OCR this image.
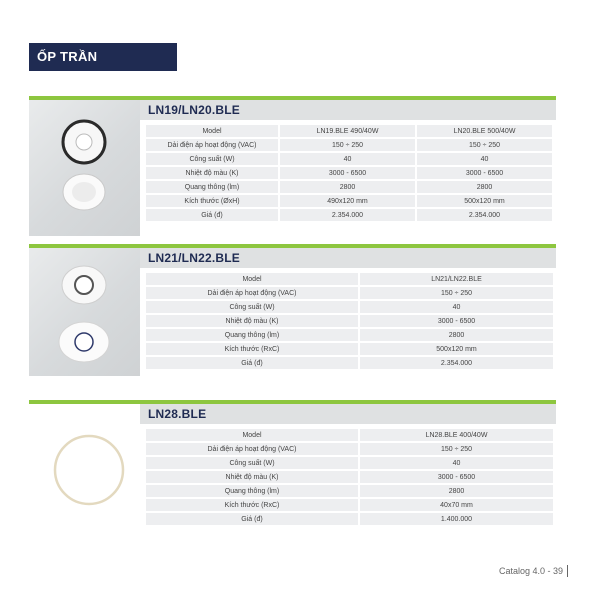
ỐP TRẦN
LN19/LN20.BLE
Model	LN19.BLE 490/40W	LN20.BLE 500/40W
Dải điện áp hoạt động (VAC)	150 ÷ 250	150 ÷ 250
Công suất (W)	40	40
Nhiệt độ màu (K)	3000 - 6500	3000 - 6500
Quang thông (lm)	2800	2800
Kích thước (ØxH)	490x120 mm	500x120 mm
Giá (đ)	2.354.000	2.354.000
LN21/LN22.BLE
Model	LN21/LN22.BLE
Dải điện áp hoạt động (VAC)	150 ÷ 250
Công suất (W)	40
Nhiệt độ màu (K)	3000 - 6500
Quang thông (lm)	2800
Kích thước (RxC)	500x120 mm
Giá (đ)	2.354.000
LN28.BLE
Model	LN28.BLE 400/40W
Dải điện áp hoạt động (VAC)	150 ÷ 250
Công suất (W)	40
Nhiệt độ màu (K)	3000 - 6500
Quang thông (lm)	2800
Kích thước (RxC)	40x70 mm
Giá (đ)	1.400.000
Catalog 4.0 - 39
